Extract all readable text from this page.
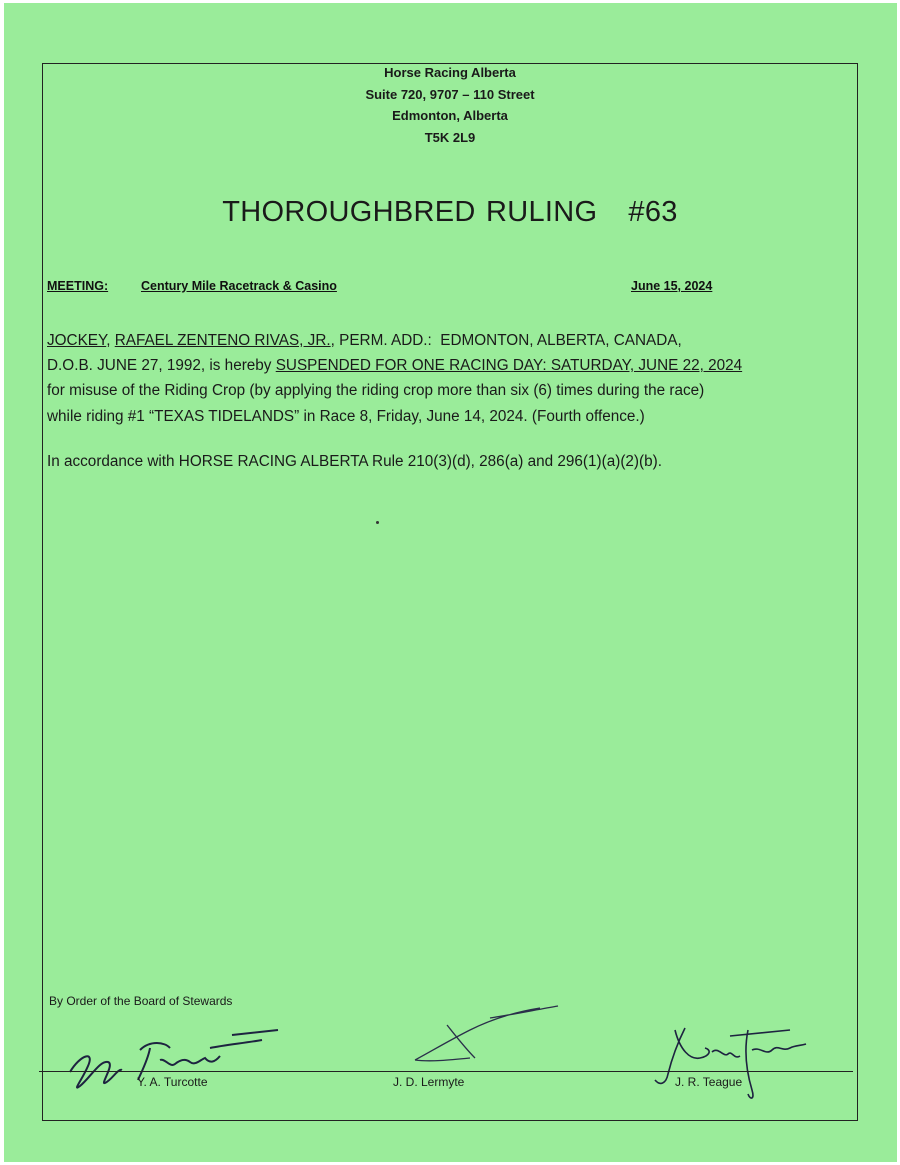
Horse Racing Alberta
Suite 720, 9707 – 110 Street
Edmonton, Alberta
T5K 2L9
THOROUGHBRED RULING   #63
MEETING:	Century Mile Racetrack & Casino	June 15, 2024
JOCKEY, RAFAEL ZENTENO RIVAS, JR., PERM. ADD.:  EDMONTON, ALBERTA, CANADA,
D.O.B. JUNE 27, 1992, is hereby SUSPENDED FOR ONE RACING DAY: SATURDAY, JUNE 22, 2024
for misuse of the Riding Crop (by applying the riding crop more than six (6) times during the race)
while riding #1 “TEXAS TIDELANDS” in Race 8, Friday, June 14, 2024. (Fourth offence.)
In accordance with HORSE RACING ALBERTA Rule 210(3)(d), 286(a) and 296(1)(a)(2)(b).
By Order of the Board of Stewards
Y. A. Turcotte	J. D. Lermyte	J. R. Teague
